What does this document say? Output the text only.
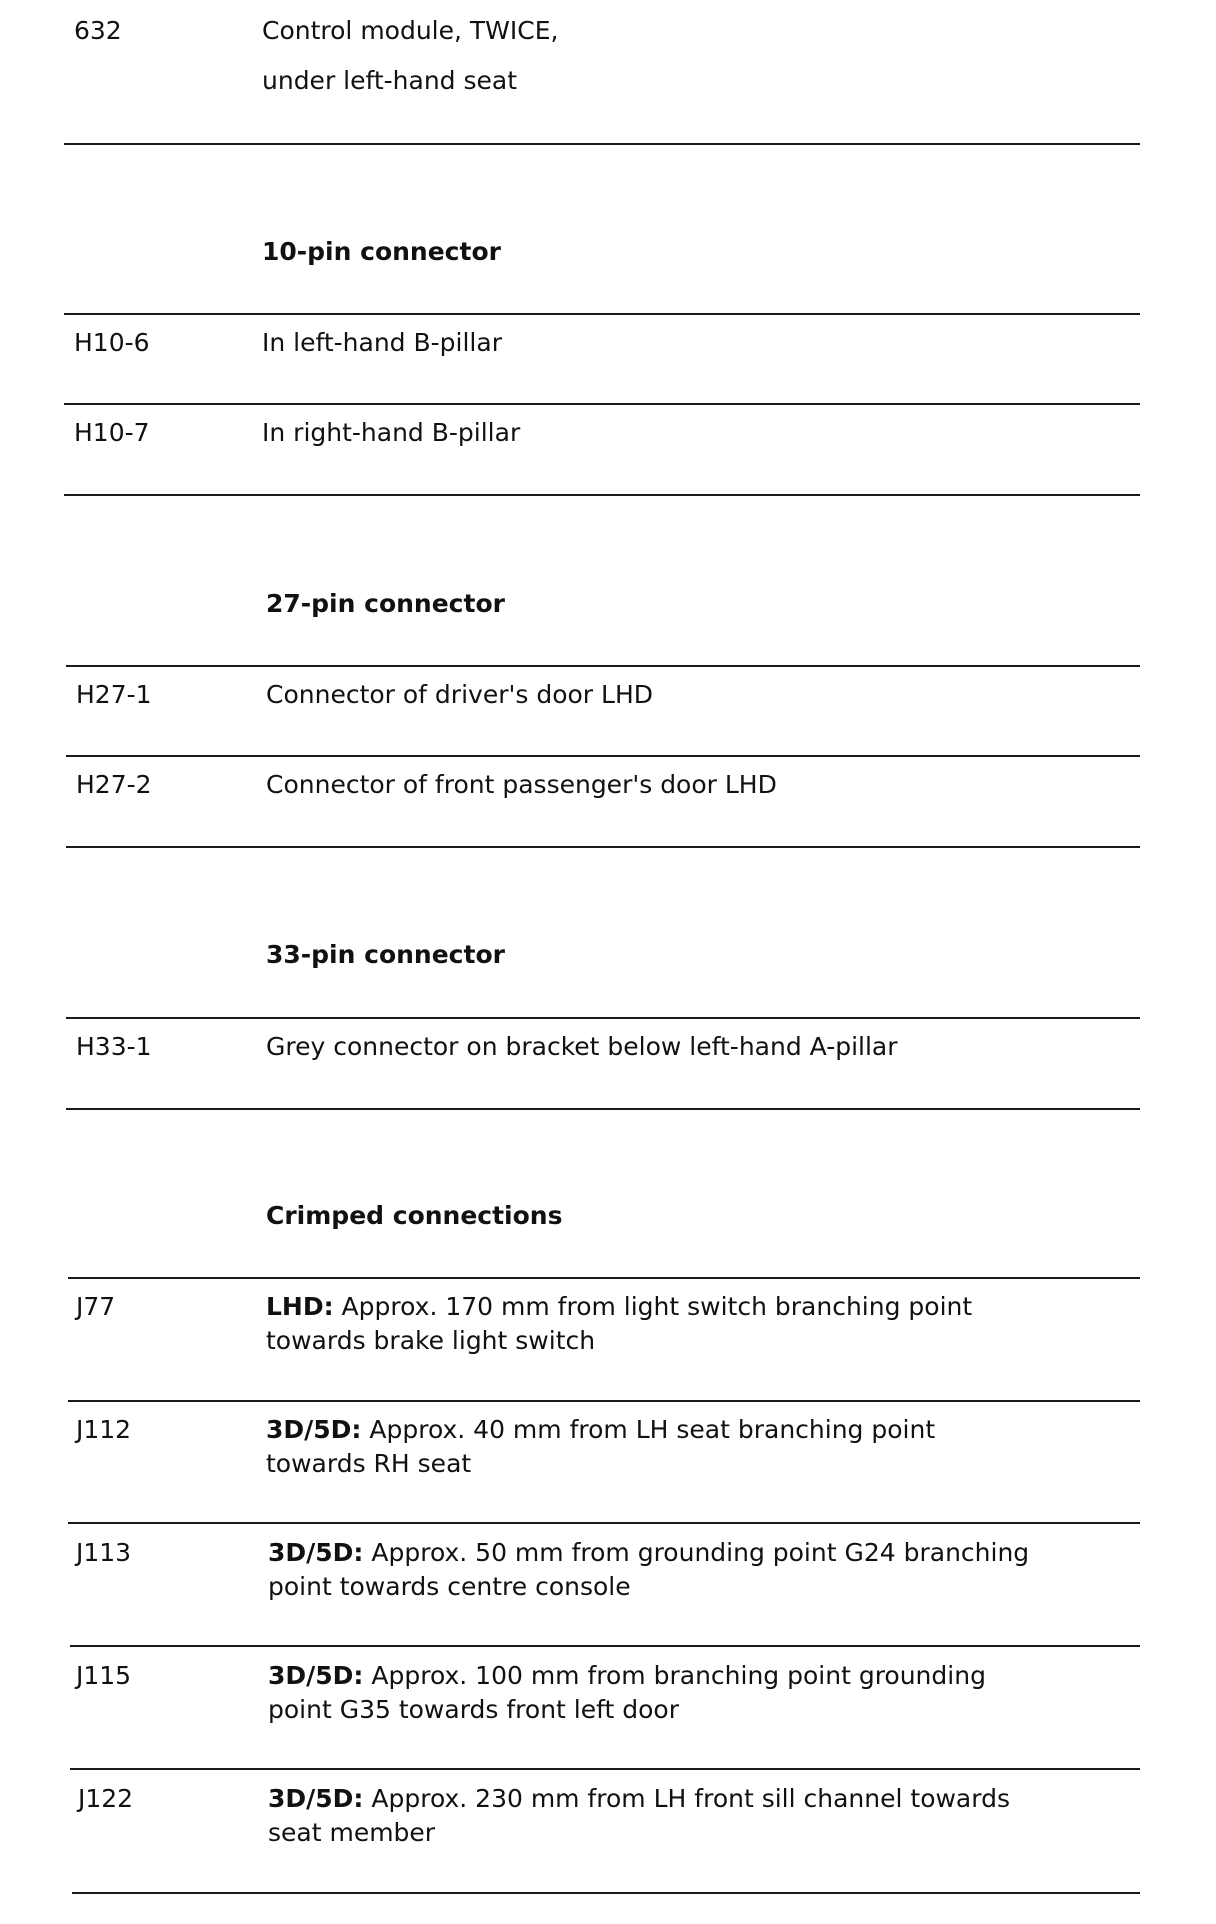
632	Control module, TWICE,
under left-hand seat
10-pin connector
H10-6	In left-hand B-pillar
H10-7	In right-hand B-pillar
27-pin connector
H27-1	Connector of driver's door LHD
H27-2	Connector of front passenger's door LHD
33-pin connector
H33-1	Grey connector on bracket below left-hand A-pillar
Crimped connections
J77	LHD: Approx. 170 mm from light switch branching point
towards brake light switch
J112	3D/5D: Approx. 40 mm from LH seat branching point
towards RH seat
J113	3D/5D: Approx. 50 mm from grounding point G24 branching
point towards centre console
J115	3D/5D: Approx. 100 mm from branching point grounding
point G35 towards front left door
J122	3D/5D: Approx. 230 mm from LH front sill channel towards
seat member
